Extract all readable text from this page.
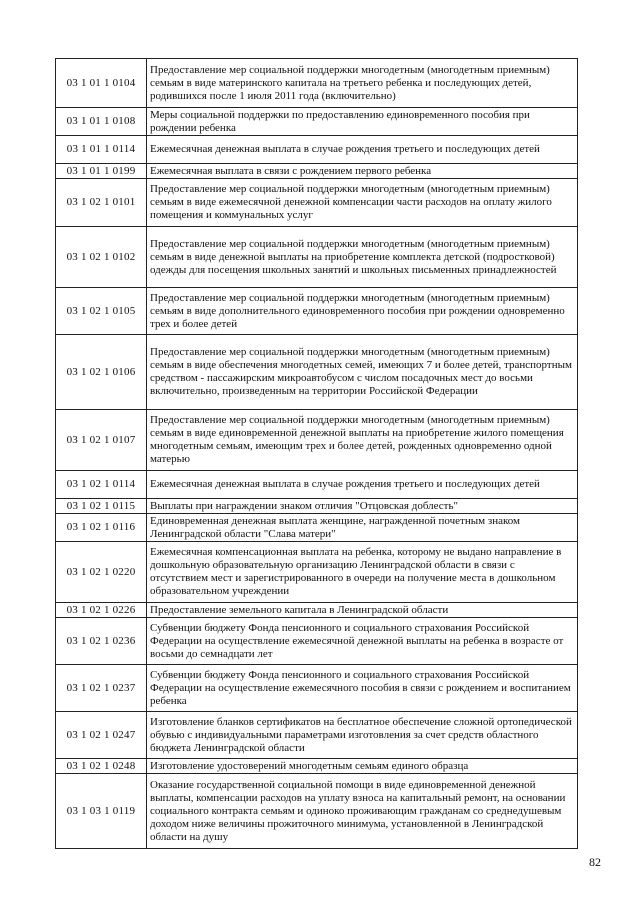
03 1 01 1 0104	Предоставление мер социальной поддержки многодетным (многодетным приемным) семьям в виде материнского капитала на третьего ребенка и последующих детей, родившихся после 1 июля 2011 года (включительно)
03 1 01 1 0108	Меры социальной поддержки по предоставлению единовременного пособия при рождении ребенка
03 1 01 1 0114	Ежемесячная денежная выплата в случае рождения третьего и последующих детей
03 1 01 1 0199	Ежемесячная выплата в связи с рождением первого ребенка
03 1 02 1 0101	Предоставление мер социальной поддержки многодетным (многодетным приемным) семьям в виде ежемесячной денежной компенсации части расходов на оплату жилого помещения и коммунальных услуг
03 1 02 1 0102	Предоставление мер социальной поддержки многодетным (многодетным приемным) семьям в виде денежной выплаты на приобретение комплекта детской (подростковой) одежды для посещения школьных занятий и школьных письменных принадлежностей
03 1 02 1 0105	Предоставление мер социальной поддержки многодетным (многодетным приемным) семьям в виде дополнительного единовременного пособия при рождении одновременно трех и более детей
03 1 02 1 0106	Предоставление мер социальной поддержки многодетным (многодетным приемным) семьям в виде обеспечения многодетных семей, имеющих 7 и более детей, транспортным средством - пассажирским микроавтобусом с числом посадочных мест до восьми включительно, произведенным на территории Российской Федерации
03 1 02 1 0107	Предоставление мер социальной поддержки многодетным (многодетным приемным) семьям в виде единовременной денежной выплаты на приобретение жилого помещения многодетным семьям, имеющим трех и более детей, рожденных одновременно одной матерью
03 1 02 1 0114	Ежемесячная денежная выплата в случае рождения третьего и последующих детей
03 1 02 1 0115	Выплаты при награждении знаком отличия "Отцовская доблесть"
03 1 02 1 0116	Единовременная денежная выплата женщине, награжденной почетным знаком Ленинградской области "Слава матери"
03 1 02 1 0220	Ежемесячная компенсационная выплата на ребенка, которому не выдано направление в дошкольную образовательную организацию Ленинградской области в связи с отсутствием мест и зарегистрированного в очереди на получение места в дошкольном образовательном учреждении
03 1 02 1 0226	Предоставление земельного капитала в Ленинградской области
03 1 02 1 0236	Субвенции бюджету Фонда пенсионного и социального страхования Российской Федерации на осуществление ежемесячной денежной выплаты на ребенка в возрасте от восьми до семнадцати лет
03 1 02 1 0237	Субвенции бюджету Фонда пенсионного и социального страхования Российской Федерации на осуществление ежемесячного пособия в связи с рождением и воспитанием ребенка
03 1 02 1 0247	Изготовление бланков сертификатов на бесплатное обеспечение сложной ортопедической обувью с индивидуальными параметрами изготовления за счет средств областного бюджета Ленинградской области
03 1 02 1 0248	Изготовление удостоверений многодетным семьям единого образца
03 1 03 1 0119	Оказание государственной социальной помощи в виде единовременной денежной выплаты, компенсации расходов на уплату взноса на капитальный ремонт, на основании социального контракта семьям и одиноко проживающим гражданам со среднедушевым доходом ниже величины прожиточного минимума, установленной в Ленинградской области на душу
82
